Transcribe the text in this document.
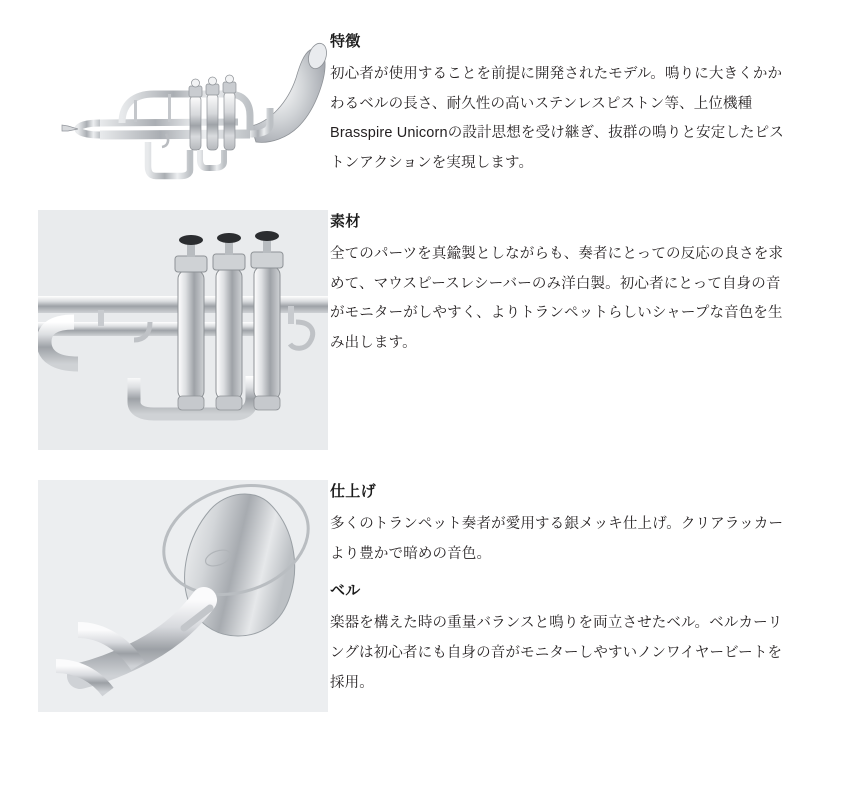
特徴

初心者が使用することを前提に開発されたモデル。鳴りに大きくかかわるベルの長さ、耐久性の高いステンレスピストン等、上位機種Brasspire Unicornの設計思想を受け継ぎ、抜群の鳴りと安定したピストンアクションを実現します。

素材

全てのパーツを真鍮製としながらも、奏者にとっての反応の良さを求めて、マウスピースレシーバーのみ洋白製。初心者にとって自身の音がモニターがしやすく、よりトランペットらしいシャープな音色を生み出します。

仕上げ

多くのトランペット奏者が愛用する銀メッキ仕上げ。クリアラッカーより豊かで暗めの音色。

ベル

楽器を構えた時の重量バランスと鳴りを両立させたベル。ベルカーリングは初心者にも自身の音がモニターしやすいノンワイヤービートを採用。
